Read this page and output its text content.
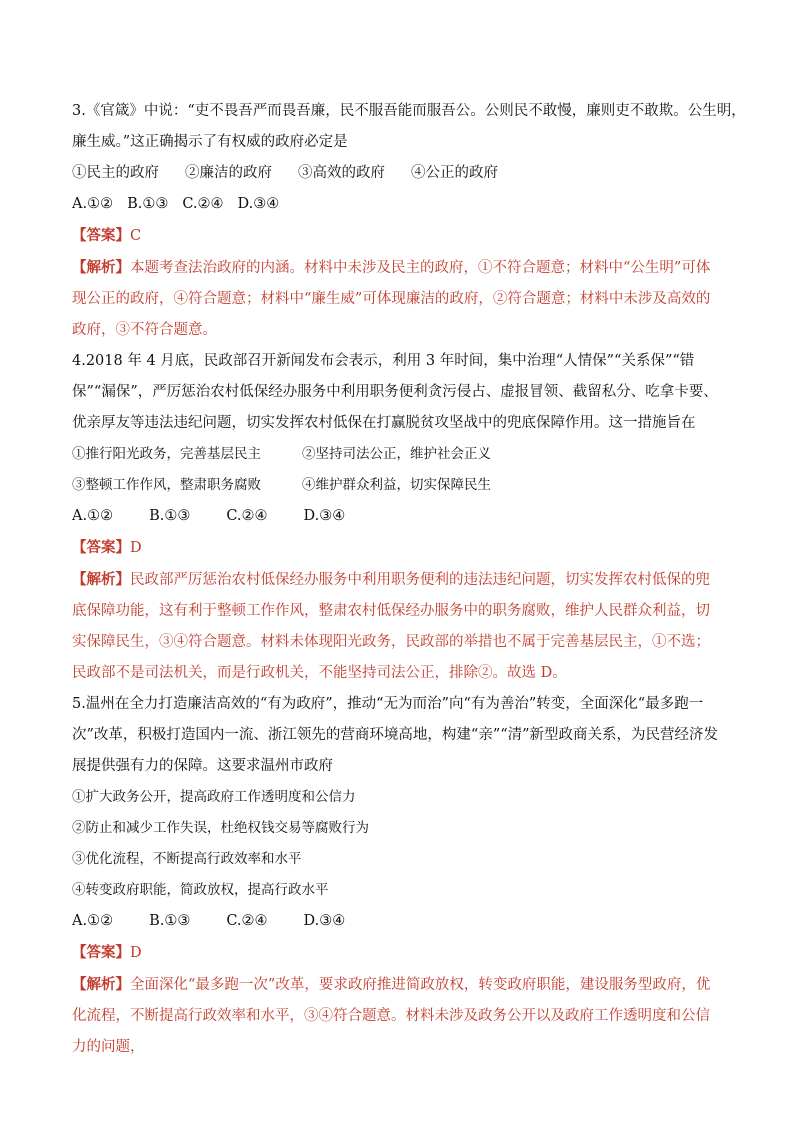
3.《官箴》中说：“吏不畏吾严而畏吾廉，民不服吾能而服吾公。公则民不敢慢，廉则吏不敢欺。公生明，
廉生威。”这正确揭示了有权威的政府必定是
①民主的政府 ②廉洁的政府 ③高效的政府 ④公正的政府
A.①② B.①③ C.②④ D.③④
【答案】C
【解析】本题考查法治政府的内涵。材料中未涉及民主的政府，①不符合题意；材料中“公生明”可体现公正的政府，④符合题意；材料中“廉生威”可体现廉洁的政府，②符合题意；材料中未涉及高效的政府，③不符合题意。
4.2018 年 4 月底，民政部召开新闻发布会表示，利用 3 年时间，集中治理“人情保”“关系保”“错保”“漏保”，严厉惩治农村低保经办服务中利用职务便利贪污侵占、虚报冒领、截留私分、吃拿卡要、优亲厚友等违法违纪问题，切实发挥农村低保在打赢脱贫攻坚战中的兜底保障作用。这一措施旨在
①推行阳光政务，完善基层民主	②坚持司法公正，维护社会正义
③整顿工作作风，整肃职务腐败	④维护群众利益，切实保障民生
A.①② B.①③ C.②④ D.③④
【答案】D
【解析】民政部严厉惩治农村低保经办服务中利用职务便利的违法违纪问题，切实发挥农村低保的兜底保障功能，这有利于整顿工作作风，整肃农村低保经办服务中的职务腐败，维护人民群众利益，切实保障民生，③④符合题意。材料未体现阳光政务，民政部的举措也不属于完善基层民主，①不选；民政部不是司法机关，而是行政机关，不能坚持司法公正，排除②。故选 D。
5.温州在全力打造廉洁高效的“有为政府”，推动“无为而治”向“有为善治”转变，全面深化“最多跑一次”改革，积极打造国内一流、浙江领先的营商环境高地，构建“亲”“清”新型政商关系，为民营经济发展提供强有力的保障。这要求温州市政府
①扩大政务公开，提高政府工作透明度和公信力
②防止和减少工作失误，杜绝权钱交易等腐败行为
③优化流程，不断提高行政效率和水平
④转变政府职能，简政放权，提高行政水平
A.①② B.①③ C.②④ D.③④
【答案】D
【解析】全面深化“最多跑一次”改革，要求政府推进简政放权，转变政府职能，建设服务型政府，优化流程，不断提高行政效率和水平，③④符合题意。材料未涉及政务公开以及政府工作透明度和公信力的问题，
